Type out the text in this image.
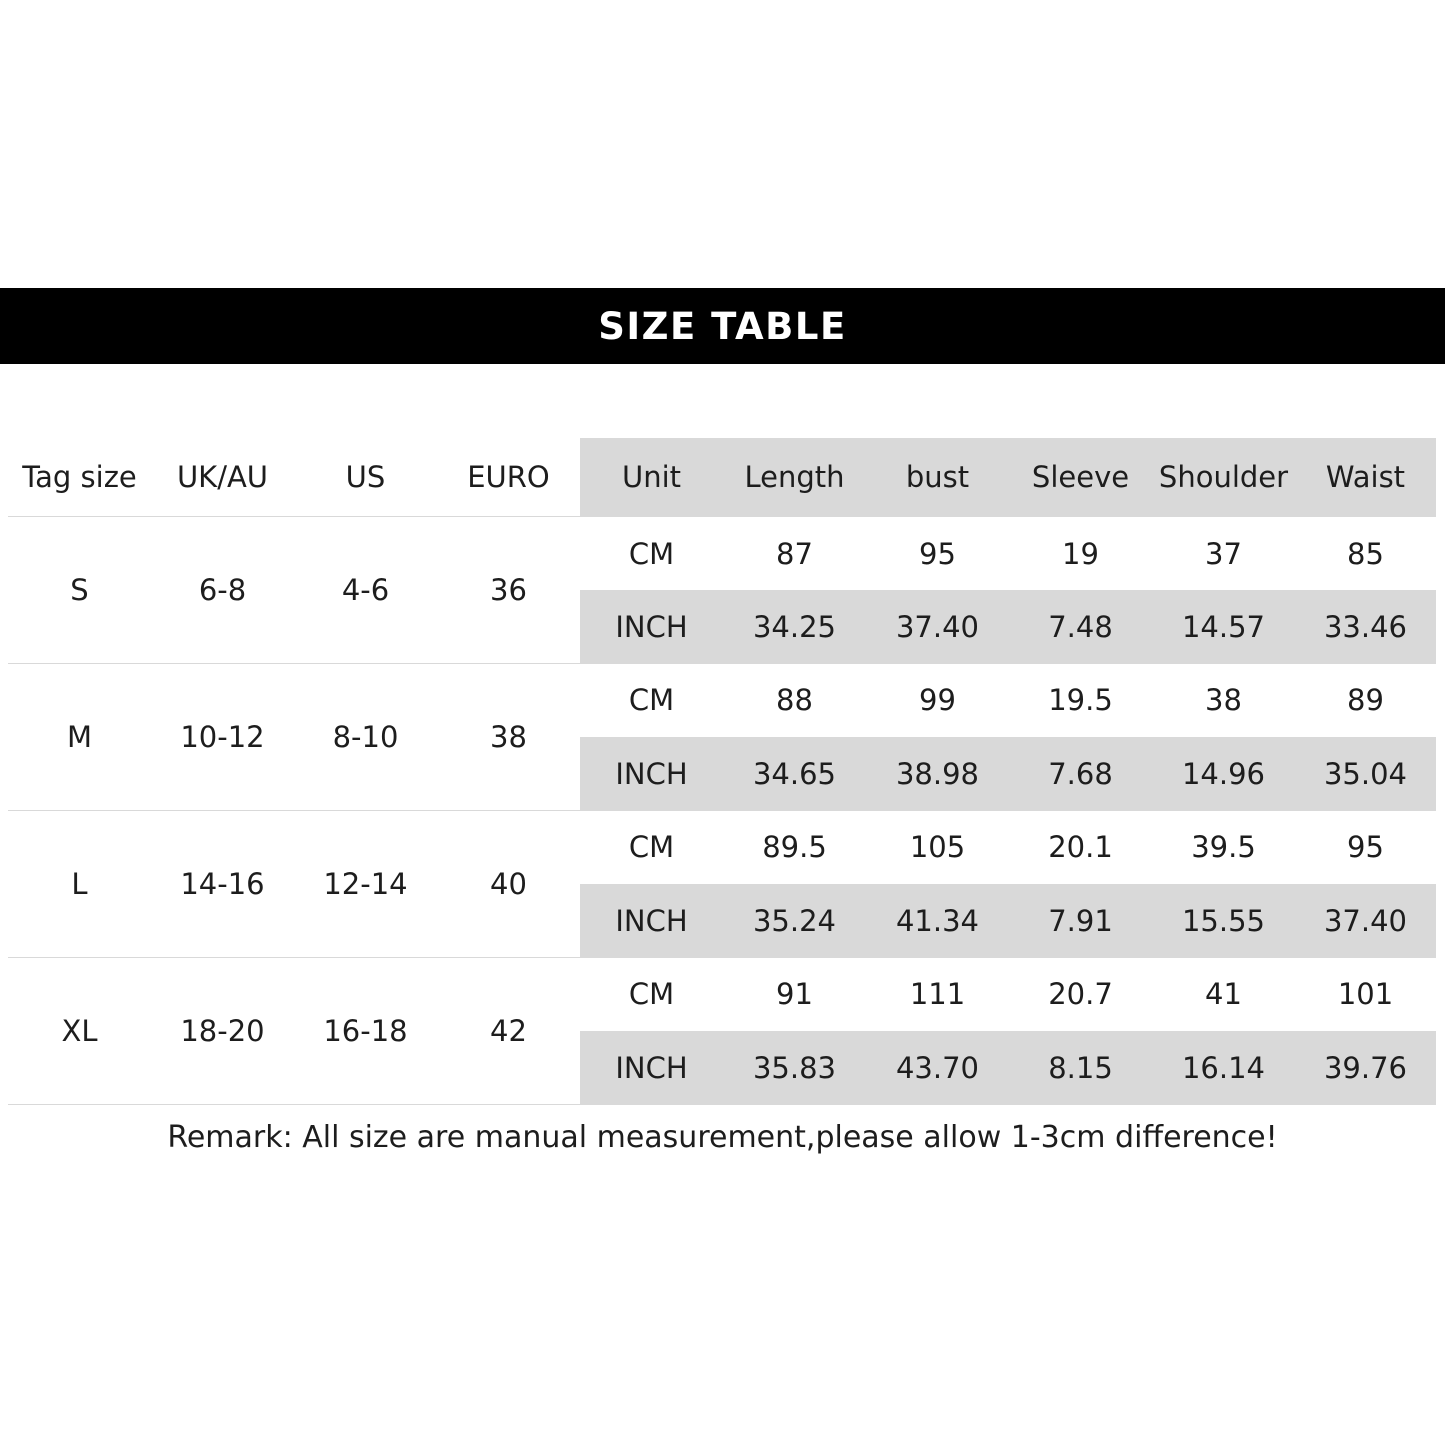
SIZE TABLE
Tag size	UK/AU	US	EURO	Unit	Length	bust	Sleeve	Shoulder	Waist
S	6-8	4-6	36	CM	87	95	19	37	85
				INCH	34.25	37.40	7.48	14.57	33.46
M	10-12	8-10	38	CM	88	99	19.5	38	89
				INCH	34.65	38.98	7.68	14.96	35.04
L	14-16	12-14	40	CM	89.5	105	20.1	39.5	95
				INCH	35.24	41.34	7.91	15.55	37.40
XL	18-20	16-18	42	CM	91	111	20.7	41	101
				INCH	35.83	43.70	8.15	16.14	39.76
Remark: All size are manual measurement,please allow 1-3cm difference!
